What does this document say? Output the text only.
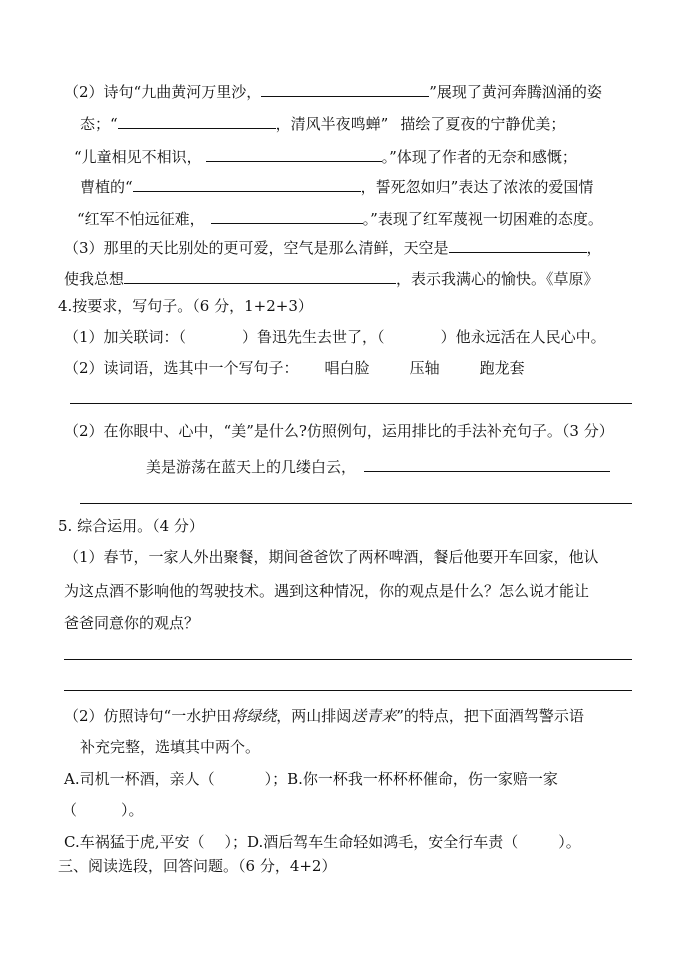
（2）诗句“九曲黄河万里沙，	”展现了黄河奔腾汹涌的姿
态；“	，清风半夜鸣蝉” 描绘了夏夜的宁静优美；
“儿童相见不相识，	。”体现了作者的无奈和感慨；
曹植的“	，誓死忽如归”表达了浓浓的爱国情
“红军不怕远征难，	。”表现了红军蔑视一切困难的态度。
（3）那里的天比别处的更可爱，空气是那么清鲜，天空是	，
使我总想	，表示我满心的愉快。《草原》
4.按要求，写句子。（6 分，1+2+3）
（1）加关联词：（	）鲁迅先生去世了，（	）他永远活在人民心中。
（2）读词语，选其中一个写句子： 唱白脸	压轴	跑龙套
（2）在你眼中、心中，“美”是什么?仿照例句，运用排比的手法补充句子。（3 分）
美是游荡在蓝天上的几缕白云，
5. 综合运用。（4 分）
（1）春节，一家人外出聚餐，期间爸爸饮了两杯啤酒，餐后他要开车回家，他认
为这点酒不影响他的驾驶技术。遇到这种情况，你的观点是什么？怎么说才能让
爸爸同意你的观点？
（2）仿照诗句“一水护田将绿绕，两山排闼送青来”的特点，把下面酒驾警示语
补充完整，选填其中两个。
A.司机一杯酒，亲人（	）；B.你一杯我一杯杯杯催命，伤一家赔一家
（	）。
C.车祸猛于虎,平安（ ）；D.酒后驾车生命轻如鸿毛，安全行车责（	）。
三、阅读选段，回答问题。（6 分，4+2）
